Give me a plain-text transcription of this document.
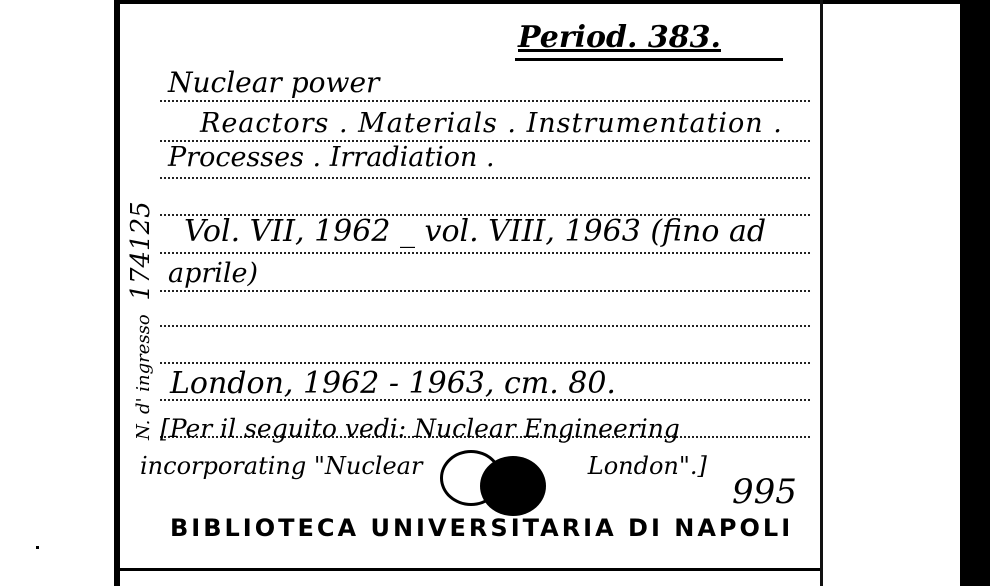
Period. 383.
Nuclear power
Reactors . Materials . Instrumentation .
Processes . Irradiation .
Vol. VII, 1962 _ vol. VIII, 1963 (fino ad
aprile)
London, 1962 - 1963, cm. 80.
[Per il seguito vedi: Nuclear Engineering
incorporating "Nuclear	London".]
995
N. d' ingresso 174125
BIBLIOTECA UNIVERSITARIA DI NAPOLI
